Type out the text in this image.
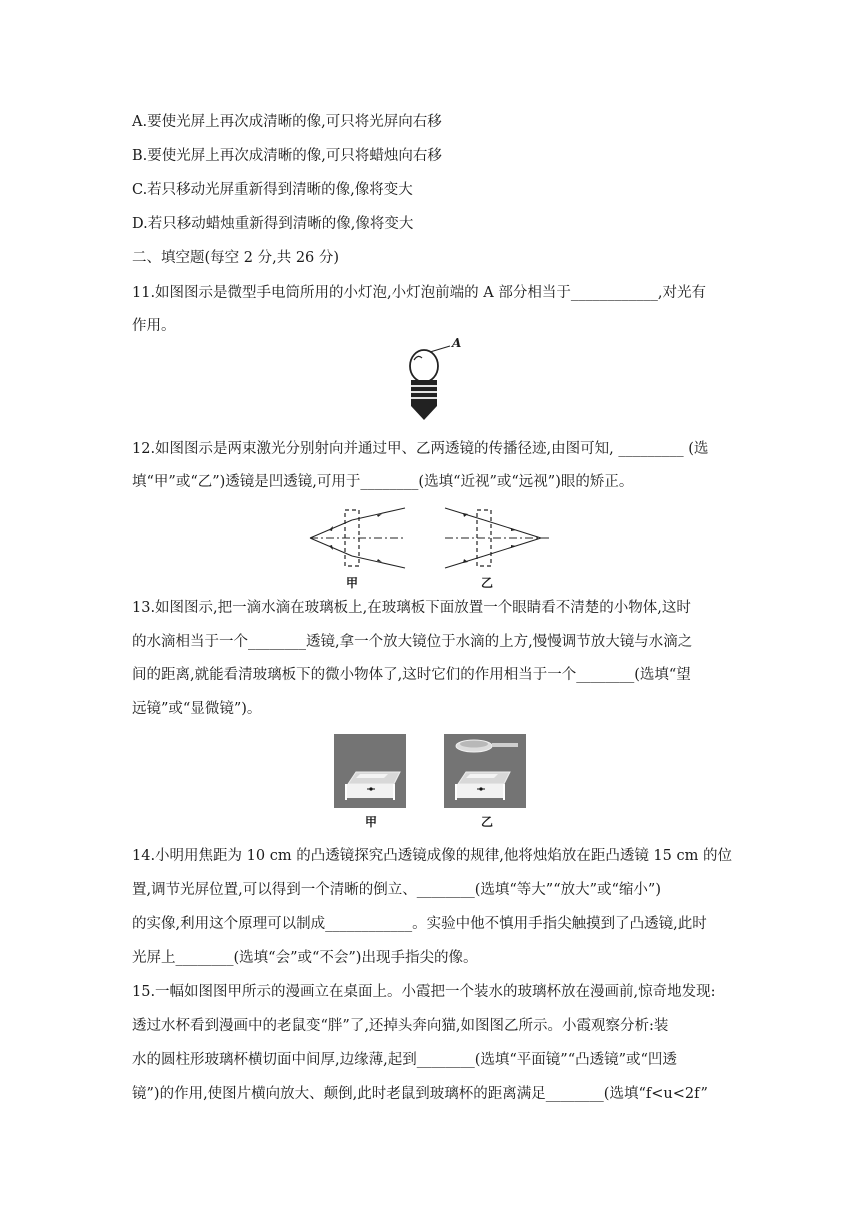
A.要使光屏上再次成清晰的像,可只将光屏向右移
B.要使光屏上再次成清晰的像,可只将蜡烛向右移
C.若只移动光屏重新得到清晰的像,像将变大
D.若只移动蜡烛重新得到清晰的像,像将变大
二、填空题(每空 2 分,共 26 分)
11.如图图示是微型手电筒所用的小灯泡,小灯泡前端的 A 部分相当于____________,对光有
作用。
A
12.如图图示是两束激光分别射向并通过甲、乙两透镜的传播径迹,由图可知, _________ (选
填“甲”或“乙”)透镜是凹透镜,可用于________(选填“近视”或“远视”)眼的矫正。
甲	乙
13.如图图示,把一滴水滴在玻璃板上,在玻璃板下面放置一个眼睛看不清楚的小物体,这时
的水滴相当于一个________透镜,拿一个放大镜位于水滴的上方,慢慢调节放大镜与水滴之
间的距离,就能看清玻璃板下的微小物体了,这时它们的作用相当于一个________(选填“望
远镜”或“显微镜”)。
甲	乙
14.小明用焦距为 10 cm 的凸透镜探究凸透镜成像的规律,他将烛焰放在距凸透镜 15 cm 的位
置,调节光屏位置,可以得到一个清晰的倒立、________(选填“等大”“放大”或“缩小”)
的实像,利用这个原理可以制成____________。实验中他不慎用手指尖触摸到了凸透镜,此时
光屏上________(选填“会”或“不会”)出现手指尖的像。
15.一幅如图图甲所示的漫画立在桌面上。小霞把一个装水的玻璃杯放在漫画前,惊奇地发现:
透过水杯看到漫画中的老鼠变“胖”了,还掉头奔向猫,如图图乙所示。小霞观察分析:装
水的圆柱形玻璃杯横切面中间厚,边缘薄,起到________(选填“平面镜”“凸透镜”或“凹透
镜”)的作用,使图片横向放大、颠倒,此时老鼠到玻璃杯的距离满足________(选填“f<u<2f”
